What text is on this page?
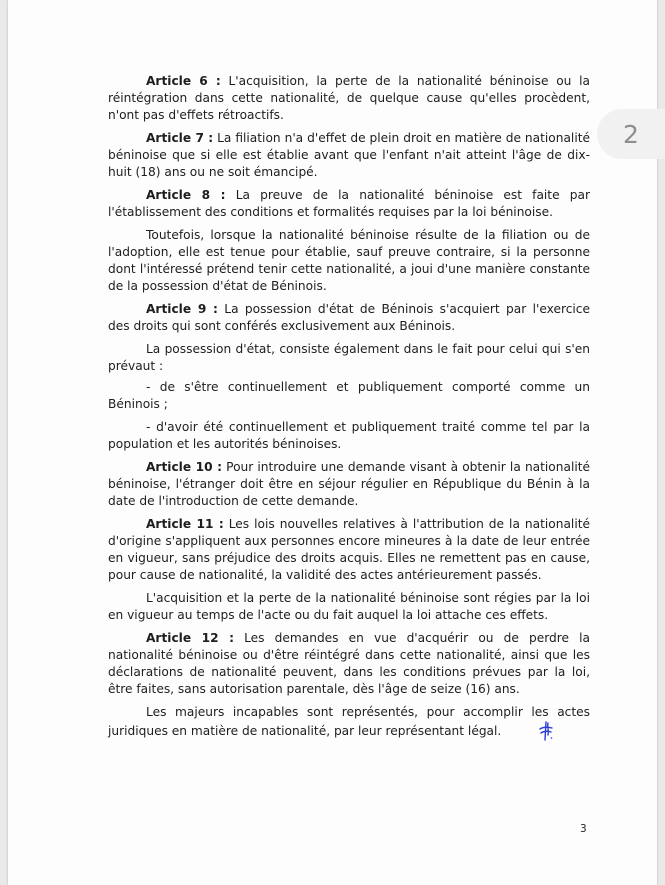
Article 6 : L'acquisition, la perte de la nationalité béninoise ou la réintégration dans cette nationalité, de quelque cause qu'elles procèdent, n'ont pas d'effets rétroactifs.

Article 7 : La filiation n'a d'effet de plein droit en matière de nationalité béninoise que si elle est établie avant que l'enfant n'ait atteint l'âge de dix-huit (18) ans ou ne soit émancipé.

Article 8 : La preuve de la nationalité béninoise est faite par l'établissement des conditions et formalités requises par la loi béninoise.

Toutefois, lorsque la nationalité béninoise résulte de la filiation ou de l'adoption, elle est tenue pour établie, sauf preuve contraire, si la personne dont l'intéressé prétend tenir cette nationalité, a joui d'une manière constante de la possession d'état de Béninois.

Article 9 : La possession d'état de Béninois s'acquiert par l'exercice des droits qui sont conférés exclusivement aux Béninois.

La possession d'état, consiste également dans le fait pour celui qui s'en prévaut :

- de s'être continuellement et publiquement comporté comme un Béninois ;

- d'avoir été continuellement et publiquement traité comme tel par la population et les autorités béninoises.

Article 10 : Pour introduire une demande visant à obtenir la nationalité béninoise, l'étranger doit être en séjour régulier en République du Bénin à la date de l'introduction de cette demande.

Article 11 : Les lois nouvelles relatives à l'attribution de la nationalité d'origine s'appliquent aux personnes encore mineures à la date de leur entrée en vigueur, sans préjudice des droits acquis. Elles ne remettent pas en cause, pour cause de nationalité, la validité des actes antérieurement passés.

L'acquisition et la perte de la nationalité béninoise sont régies par la loi en vigueur au temps de l'acte ou du fait auquel la loi attache ces effets.

Article 12 : Les demandes en vue d'acquérir ou de perdre la nationalité béninoise ou d'être réintégré dans cette nationalité, ainsi que les déclarations de nationalité peuvent, dans les conditions prévues par la loi, être faites, sans autorisation parentale, dès l'âge de seize (16) ans.

Les majeurs incapables sont représentés, pour accomplir les actes juridiques en matière de nationalité, par leur représentant légal.

3
2
